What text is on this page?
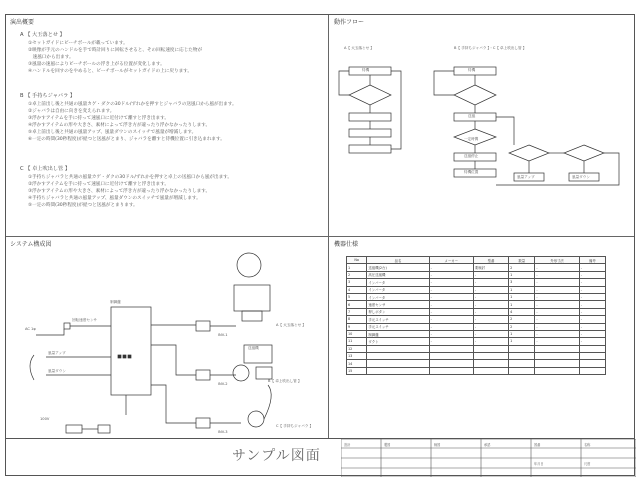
演出概要
A 【 大玉落とせ 】
①セットガイドにビーチボールが載っています。
②映像が手元のハンドルを手で時計回りに回転させると、その回転速度に応じた物が
　速風口から出ます。
③風量の速風によりビーチボールの浮き上がる位置が変化します。
④ハンドルを回すのをやめると、ビーチボールがセットガイドの上に戻ります。
B 【 手持ちジャバラ 】
①卓上前出し後と共通の風量カゲ・ダクの30ドル/ずれかを押すとジャバラの送風口から風が出ます。
②ジャバラは自由に向きを変えられます。
③浮かすアイテムを手に持って速風口に近付けて離すと浮き出ます。
④浮かすアイテムの形や大きさ、素材によって浮き方が違ったり浮かなかったりします。
⑤卓上前出し後と共通の風量アップ、風量ダウンのスイッチで風量が増減します。
⑥一定の時間(30秒程度)が経つと送風がとまり、ジャバラを離すと待機位置に引き込まれます。
C 【 卓上吹出し管 】
①手持ちジャバラと共通の風量カゲ・ダクの30ドル/ずれかを押すと卓上の送風口から風が出ます。
②浮かすアイテムを手に持って速風口に近付けて離すと浮き出ます。
③浮かすアイテムの形や大きさ、素材によって浮き方が違ったり浮かなかったりします。
④手持ちジャバラと共通の風量アップ、風量ダウンのスイッチで風量が増減します。
⑤一定の時間(30秒程度)が経つと送風がとまります。
動作フロー
A【 大玉落とせ 】	B【 手持ちジャバラ 】・C【 卓上吹出し管 】
待機	待機
送風
一定時間
送風停止
待機位置
風量アップ	風量ダウン
システム構成図
AC 1φ
制御盤
回転速度センサ
風量アップ
風量ダウン
100V
INV-1
INV-2
INV-3
A【 大玉落とせ 】
B【 卓上吹出し管 】
C【 手持ちジャバラ 】
送風機
機器仕様
No	品名	メーカー	型番	数量	外形寸法	備考
1	送風機(2台)	-	要検討	2	-	-
2	高圧送風機	-	-	1	-	-
3	インバータ	-	-	3	-	-
4	インバータ	-	-	1	-	-
5	インバータ	-	-	1	-	-
6	速度センサ	-	-	1	-	-
7	押しボタン	-	-	4	-	-
8	手元スイッチ	-	-	2	-	-
9	手元スイッチ	-	-	2	-	-
10	制御盤	-	-	1	-	-
11	ダクト	-	-	1	-	-
12						
13						
14						
15						
サンプル図面
設計	製図	検図	承認	図番	名称
年月日	尺度
